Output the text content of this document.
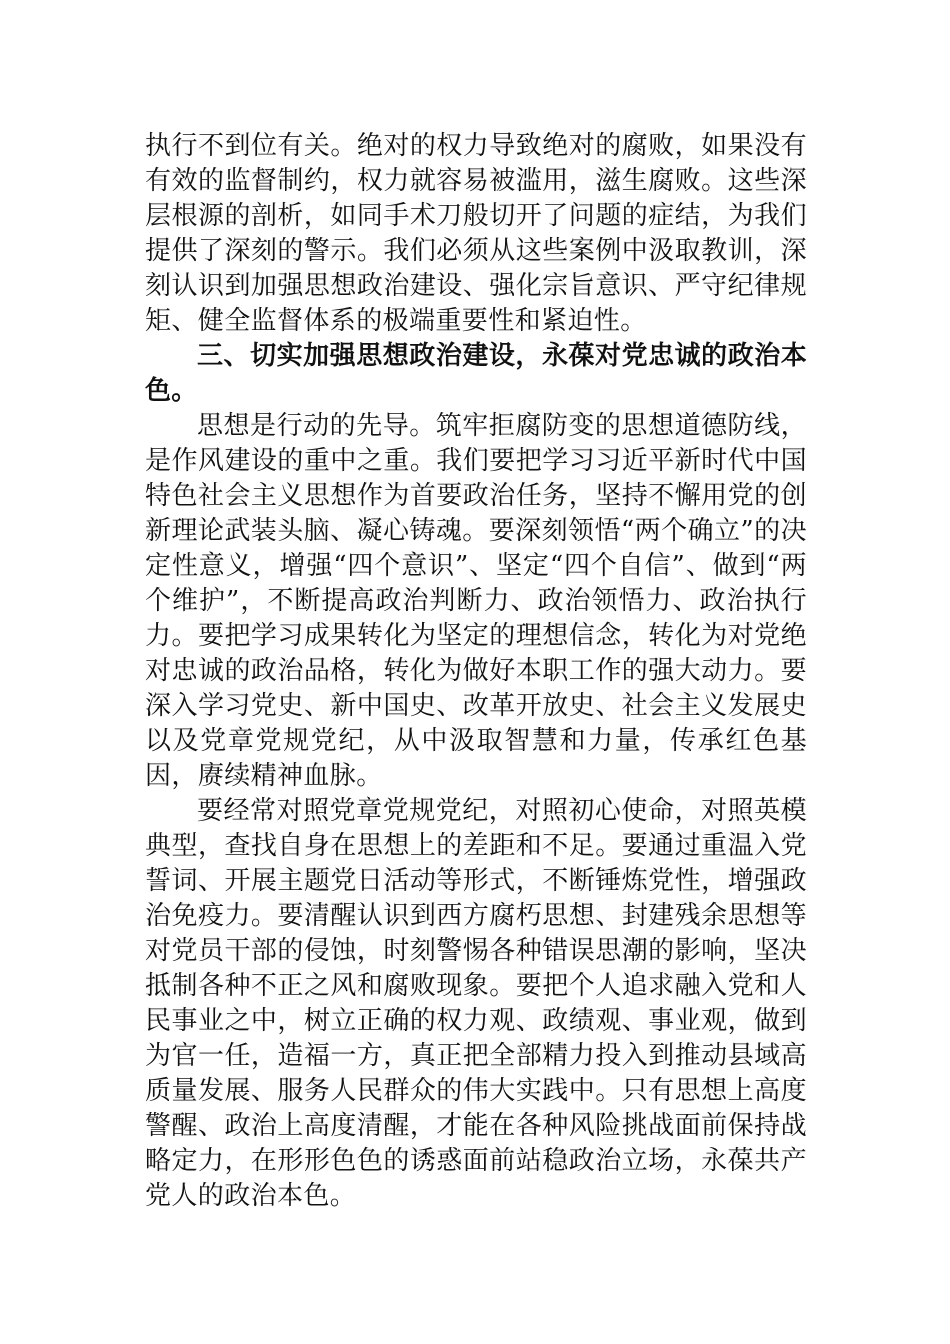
执行不到位有关。绝对的权力导致绝对的腐败，如果没有有效的监督制约，权力就容易被滥用，滋生腐败。这些深层根源的剖析，如同手术刀般切开了问题的症结，为我们提供了深刻的警示。我们必须从这些案例中汲取教训，深刻认识到加强思想政治建设、强化宗旨意识、严守纪律规矩、健全监督体系的极端重要性和紧迫性。

三、切实加强思想政治建设，永葆对党忠诚的政治本色。

思想是行动的先导。筑牢拒腐防变的思想道德防线，是作风建设的重中之重。我们要把学习习近平新时代中国特色社会主义思想作为首要政治任务，坚持不懈用党的创新理论武装头脑、凝心铸魂。要深刻领悟“两个确立”的决定性意义，增强“四个意识”、坚定“四个自信”、做到“两个维护”，不断提高政治判断力、政治领悟力、政治执行力。要把学习成果转化为坚定的理想信念，转化为对党绝对忠诚的政治品格，转化为做好本职工作的强大动力。要深入学习党史、新中国史、改革开放史、社会主义发展史以及党章党规党纪，从中汲取智慧和力量，传承红色基因，赓续精神血脉。

要经常对照党章党规党纪，对照初心使命，对照英模典型，查找自身在思想上的差距和不足。要通过重温入党誓词、开展主题党日活动等形式，不断锤炼党性，增强政治免疫力。要清醒认识到西方腐朽思想、封建残余思想等对党员干部的侵蚀，时刻警惕各种错误思潮的影响，坚决抵制各种不正之风和腐败现象。要把个人追求融入党和人民事业之中，树立正确的权力观、政绩观、事业观，做到为官一任，造福一方，真正把全部精力投入到推动县域高质量发展、服务人民群众的伟大实践中。只有思想上高度警醒、政治上高度清醒，才能在各种风险挑战面前保持战略定力，在形形色色的诱惑面前站稳政治立场，永葆共产党人的政治本色。
